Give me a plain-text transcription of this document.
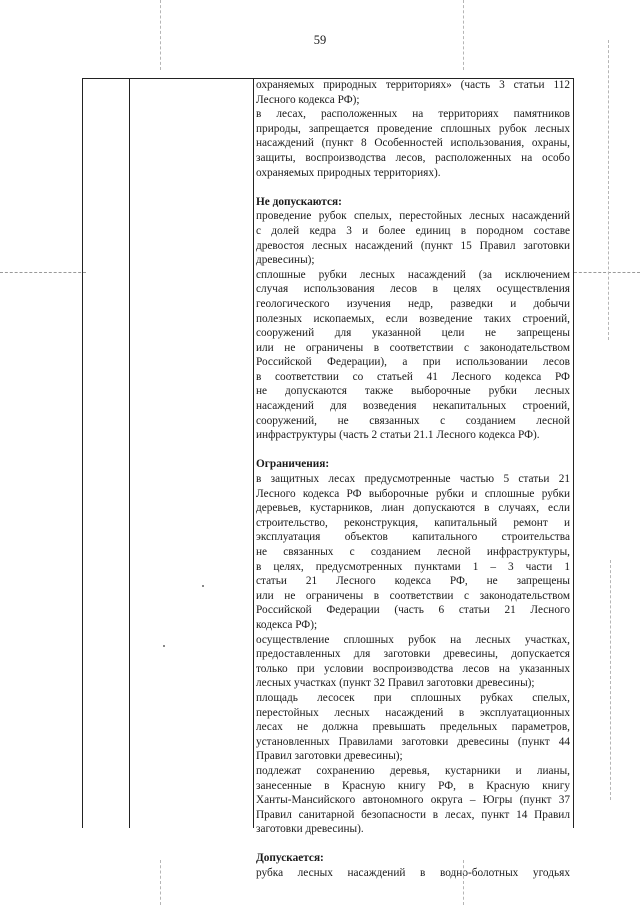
59

охраняемых природных территориях» (часть 3 статьи 112

Лесного кодекса РФ);

в лесах, расположенных на территориях памятников

природы, запрещается проведение сплошных рубок лесных

насаждений (пункт 8 Особенностей использования, охраны,

защиты, воспроизводства лесов, расположенных на особо

охраняемых природных территориях).

Не допускаются:

проведение рубок спелых, перестойных лесных насаждений

с долей кедра 3 и более единиц в породном составе

древостоя лесных насаждений (пункт 15 Правил заготовки

древесины);

сплошные рубки лесных насаждений (за исключением

случая использования лесов в целях осуществления

геологического изучения недр, разведки и добычи

полезных ископаемых, если возведение таких строений,

сооружений для указанной цели не запрещены

или не ограничены в соответствии с законодательством

Российской Федерации), а при использовании лесов

в соответствии со статьей 41 Лесного кодекса РФ

не допускаются также выборочные рубки лесных

насаждений для возведения некапитальных строений,

сооружений, не связанных с созданием лесной

инфраструктуры (часть 2 статьи 21.1 Лесного кодекса РФ).

Ограничения:

в защитных лесах предусмотренные частью 5 статьи 21

Лесного кодекса РФ выборочные рубки и сплошные рубки

деревьев, кустарников, лиан допускаются в случаях, если

строительство, реконструкция, капитальный ремонт и

эксплуатация объектов капитального строительства

не связанных с созданием лесной инфраструктуры,

в целях, предусмотренных пунктами 1 – 3 части 1

статьи 21 Лесного кодекса РФ, не запрещены

или не ограничены в соответствии с законодательством

Российской Федерации (часть 6 статьи 21 Лесного

кодекса РФ);

осуществление сплошных рубок на лесных участках,

предоставленных для заготовки древесины, допускается

только при условии воспроизводства лесов на указанных

лесных участках (пункт 32 Правил заготовки древесины);

площадь лесосек при сплошных рубках спелых,

перестойных лесных насаждений в эксплуатационных

лесах не должна превышать предельных параметров,

установленных Правилами заготовки древесины (пункт 44

Правил заготовки древесины);

подлежат сохранению деревья, кустарники и лианы,

занесенные в Красную книгу РФ, в Красную книгу

Ханты-Мансийского автономного округа – Югры (пункт 37

Правил санитарной безопасности в лесах, пункт 14 Правил

заготовки древесины).

Допускается:

рубка лесных насаждений в водно-болотных угодьях
